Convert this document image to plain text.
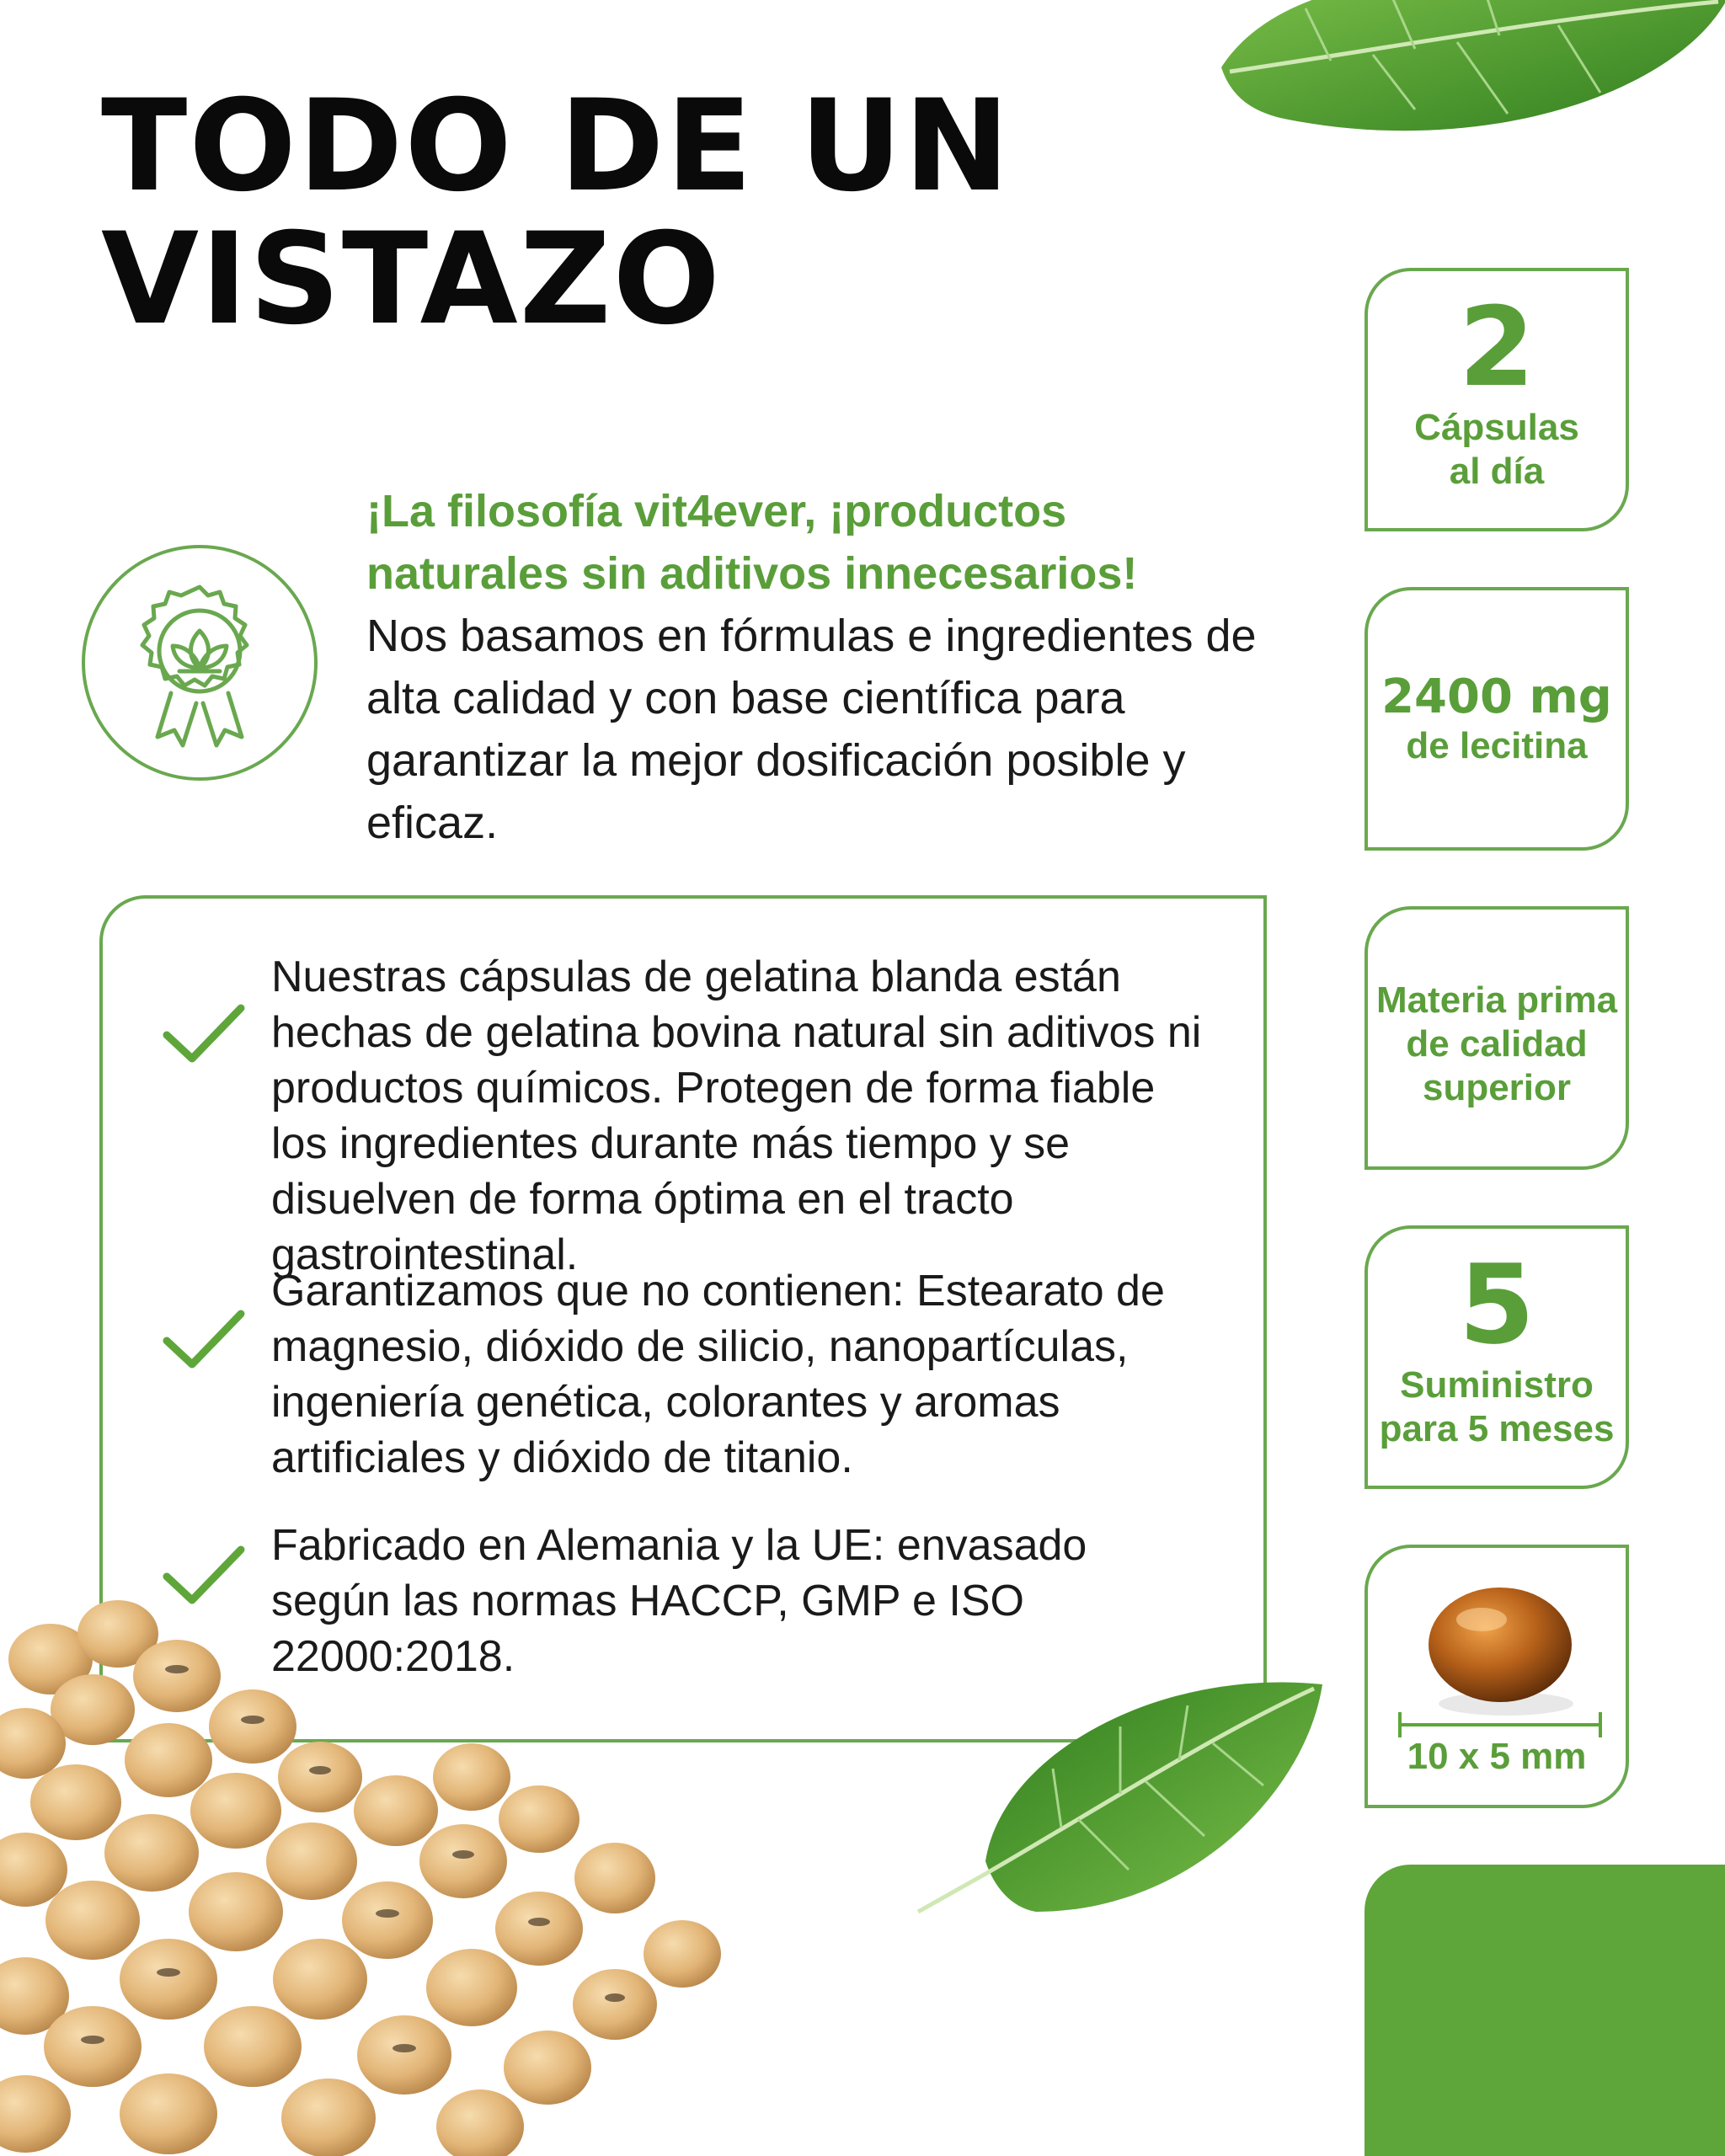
TODO DE UN
VISTAZO
¡La filosofía vit4ever, ¡productos naturales sin aditivos innecesarios!
Nos basamos en fórmulas e ingredientes de alta calidad y con base científica para garantizar la mejor dosificación posible y eficaz.
Nuestras cápsulas de gelatina blanda están hechas de gelatina bovina natural sin aditivos ni productos químicos. Protegen de forma fiable los ingredientes durante más tiempo y se disuelven de forma óptima en el tracto gastrointestinal.
Garantizamos que no contienen: Estearato de magnesio, dióxido de silicio, nanopartículas, ingeniería genética, colorantes y aromas artificiales y dióxido de titanio.
Fabricado en Alemania y la UE: envasado según las normas HACCP, GMP e ISO 22000:2018.
2
Cápsulas
al día
2400 mg
de lecitina
Materia prima
de calidad
superior
5
Suministro
para 5 meses
10 x 5 mm
